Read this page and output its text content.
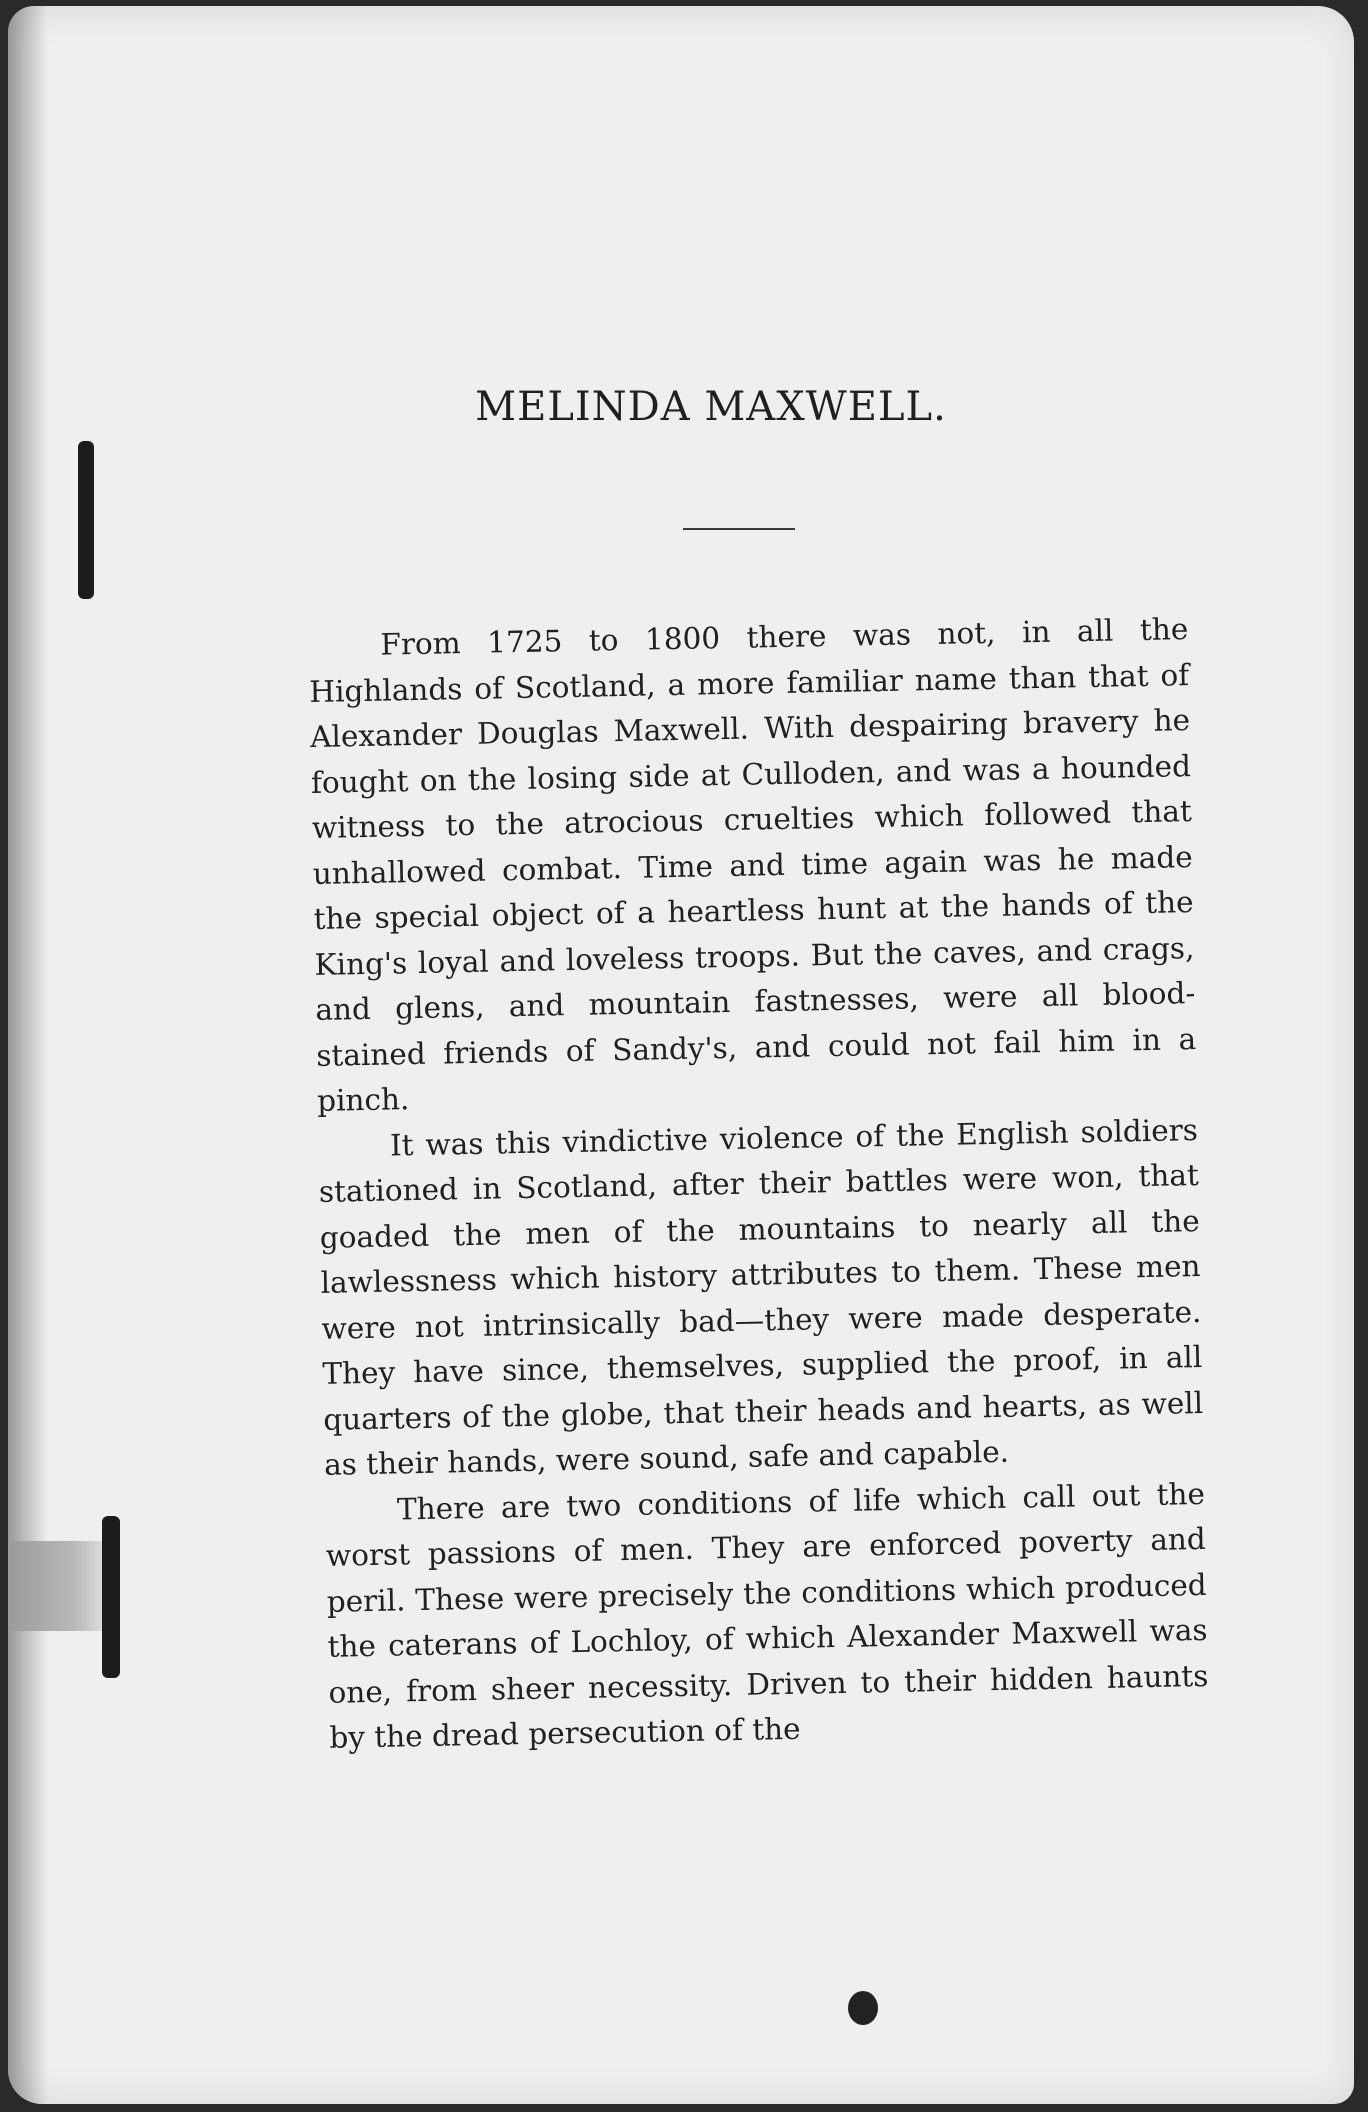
MELINDA MAXWELL.

From 1725 to 1800 there was not, in all the Highlands of Scotland, a more familiar name than that of Alexander Douglas Maxwell. With despairing bravery he fought on the losing side at Culloden, and was a hounded witness to the atrocious cruelties which followed that unhallowed combat. Time and time again was he made the special object of a heartless hunt at the hands of the King's loyal and loveless troops. But the caves, and crags, and glens, and mountain fastnesses, were all blood-stained friends of Sandy's, and could not fail him in a pinch.

It was this vindictive violence of the English soldiers stationed in Scotland, after their battles were won, that goaded the men of the mountains to nearly all the lawlessness which history attributes to them. These men were not intrinsically bad—they were made desperate. They have since, themselves, supplied the proof, in all quarters of the globe, that their heads and hearts, as well as their hands, were sound, safe and capable.

There are two conditions of life which call out the worst passions of men. They are enforced poverty and peril. These were precisely the conditions which produced the caterans of Lochloy, of which Alexander Maxwell was one, from sheer necessity. Driven to their hidden haunts by the dread persecution of the
